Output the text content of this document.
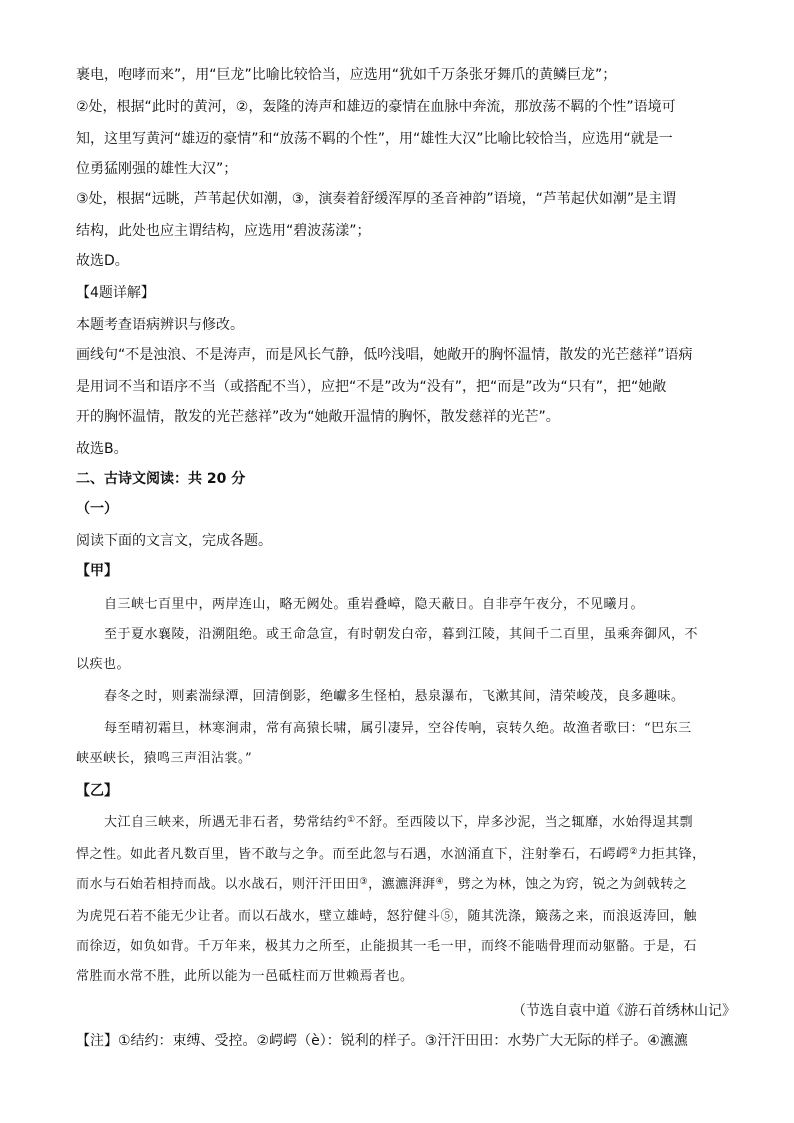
裹电，咆哮而来”，用“巨龙”比喻比较恰当，应选用“犹如千万条张牙舞爪的黄鳞巨龙”；
②处，根据“此时的黄河，②，轰隆的涛声和雄迈的豪情在血脉中奔流，那放荡不羁的个性”语境可
知，这里写黄河“雄迈的豪情”和“放荡不羁的个性”，用“雄性大汉”比喻比较恰当，应选用“就是一
位勇猛刚强的雄性大汉”；
③处，根据“远眺，芦苇起伏如潮，③，演奏着舒缓浑厚的圣音神韵”语境，“芦苇起伏如潮”是主谓
结构，此处也应主谓结构，应选用“碧波荡漾”；
故选D。
【4题详解】
本题考查语病辨识与修改。
画线句“不是浊浪、不是涛声，而是风长气静，低吟浅唱，她敞开的胸怀温情，散发的光芒慈祥”语病
是用词不当和语序不当（或搭配不当），应把“不是”改为“没有”，把“而是”改为“只有”，把“她敞
开的胸怀温情，散发的光芒慈祥”改为“她敞开温情的胸怀，散发慈祥的光芒”。
故选B。
二、古诗文阅读：共 20 分
（一）
阅读下面的文言文，完成各题。
【甲】
自三峡七百里中，两岸连山，略无阙处。重岩叠嶂，隐天蔽日。自非亭午夜分，不见曦月。
至于夏水襄陵，沿溯阻绝。或王命急宣，有时朝发白帝，暮到江陵，其间千二百里，虽乘奔御风，不
以疾也。
春冬之时，则素湍绿潭，回清倒影，绝巘多生怪柏，悬泉瀑布，飞漱其间，清荣峻茂，良多趣味。
每至晴初霜旦，林寒涧肃，常有高猿长啸，属引凄异，空谷传响，哀转久绝。故渔者歌曰：“巴东三
峡巫峡长，猿鸣三声泪沾裳。”
【乙】
大江自三峡来，所遇无非石者，势常结约①不舒。至西陵以下，岸多沙泥，当之辄靡，水始得逞其剽
悍之性。如此者凡数百里，皆不敢与之争。而至此忽与石遇，水汹涌直下，注射拳石，石崿崿②力拒其锋，
而水与石始若相持而战。以水战石，则汗汗田田③，瀌瀌湃湃④，劈之为林，蚀之为窍，锐之为剑戟转之
为虎兕石若不能无少让者。而以石战水，壁立雄峙，怒狞健斗⑤，随其洗涤，簸荡之来，而浪返涛回，触
而徐迈，如负如背。千万年来，极其力之所至，止能损其一毛一甲，而终不能啮骨理而动躯骼。于是，石
常胜而水常不胜，此所以能为一邑砥柱而万世赖焉者也。
（节选自袁中道《游石首绣林山记》
【注】①结约：束缚、受控。②崿崿（è）：锐利的样子。③汗汗田田：水势广大无际的样子。④瀌瀌
